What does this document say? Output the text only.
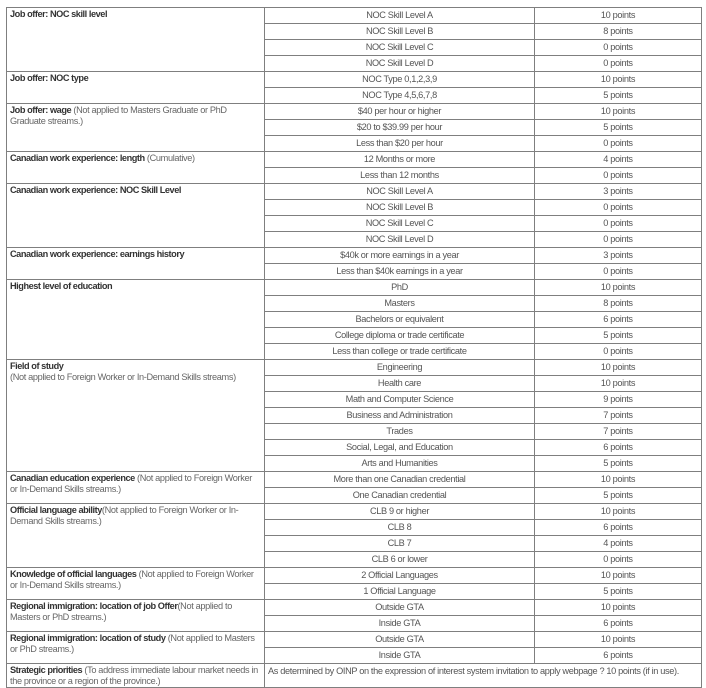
Job offer: NOC skill level	NOC Skill Level A	10 points
	NOC Skill Level B	8 points
	NOC Skill Level C	0 points
	NOC Skill Level D	0 points
Job offer: NOC type	NOC Type 0,1,2,3,9	10 points
	NOC Type 4,5,6,7,8	5 points
Job offer: wage (Not applied to Masters Graduate or PhD Graduate streams.)	$40 per hour or higher	10 points
	$20 to $39.99 per hour	5 points
	Less than $20 per hour	0 points
Canadian work experience: length (Cumulative)	12 Months or more	4 points
	Less than 12 months	0 points
Canadian work experience: NOC Skill Level	NOC Skill Level A	3 points
	NOC Skill Level B	0 points
	NOC Skill Level C	0 points
	NOC Skill Level D	0 points
Canadian work experience: earnings history	$40k or more earnings in a year	3 points
	Less than $40k earnings in a year	0 points
Highest level of education	PhD	10 points
	Masters	8 points
	Bachelors or equivalent	6 points
	College diploma or trade certificate	5 points
	Less than college or trade certificate	0 points
Field of study
(Not applied to Foreign Worker or In-Demand Skills streams)	Engineering	10 points
	Health care	10 points
	Math and Computer Science	9 points
	Business and Administration	7 points
	Trades	7 points
	Social, Legal, and Education	6 points
	Arts and Humanities	5 points
Canadian education experience (Not applied to Foreign Worker or In-Demand Skills streams.)	More than one Canadian credential	10 points
	One Canadian credential	5 points
Official language ability(Not applied to Foreign Worker or In-Demand Skills streams.)	CLB 9 or higher	10 points
	CLB 8	6 points
	CLB 7	4 points
	CLB 6 or lower	0 points
Knowledge of official languages (Not applied to Foreign Worker or In-Demand Skills streams.)	2 Official Languages	10 points
	1 Official Language	5 points
Regional immigration: location of job Offer(Not applied to Masters or PhD streams.)	Outside GTA	10 points
	Inside GTA	6 points
Regional immigration: location of study (Not applied to Masters or PhD streams.)	Outside GTA	10 points
	Inside GTA	6 points
Strategic priorities (To address immediate labour market needs in the province or a region of the province.)	As determined by OINP on the expression of interest system invitation to apply webpage ? 10 points (if in use).	
